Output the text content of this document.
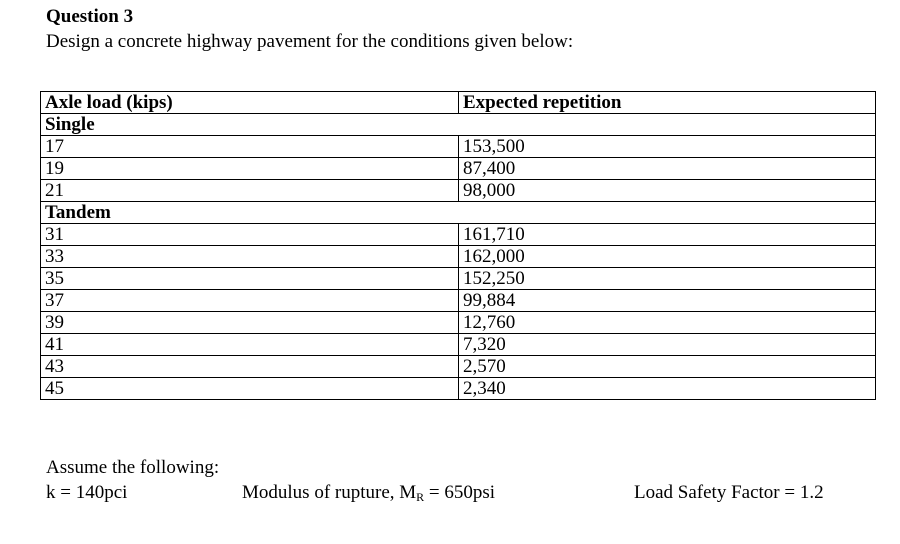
Question 3
Design a concrete highway pavement for the conditions given below:
Axle load (kips)	Expected repetition
Single	
17	153,500
19	87,400
21	98,000
Tandem	
31	161,710
33	162,000
35	152,250
37	99,884
39	12,760
41	7,320
43	2,570
45	2,340
Assume the following:
k = 140pci	Modulus of rupture, $M_R = 650psi$	Load Safety Factor = 1.2
